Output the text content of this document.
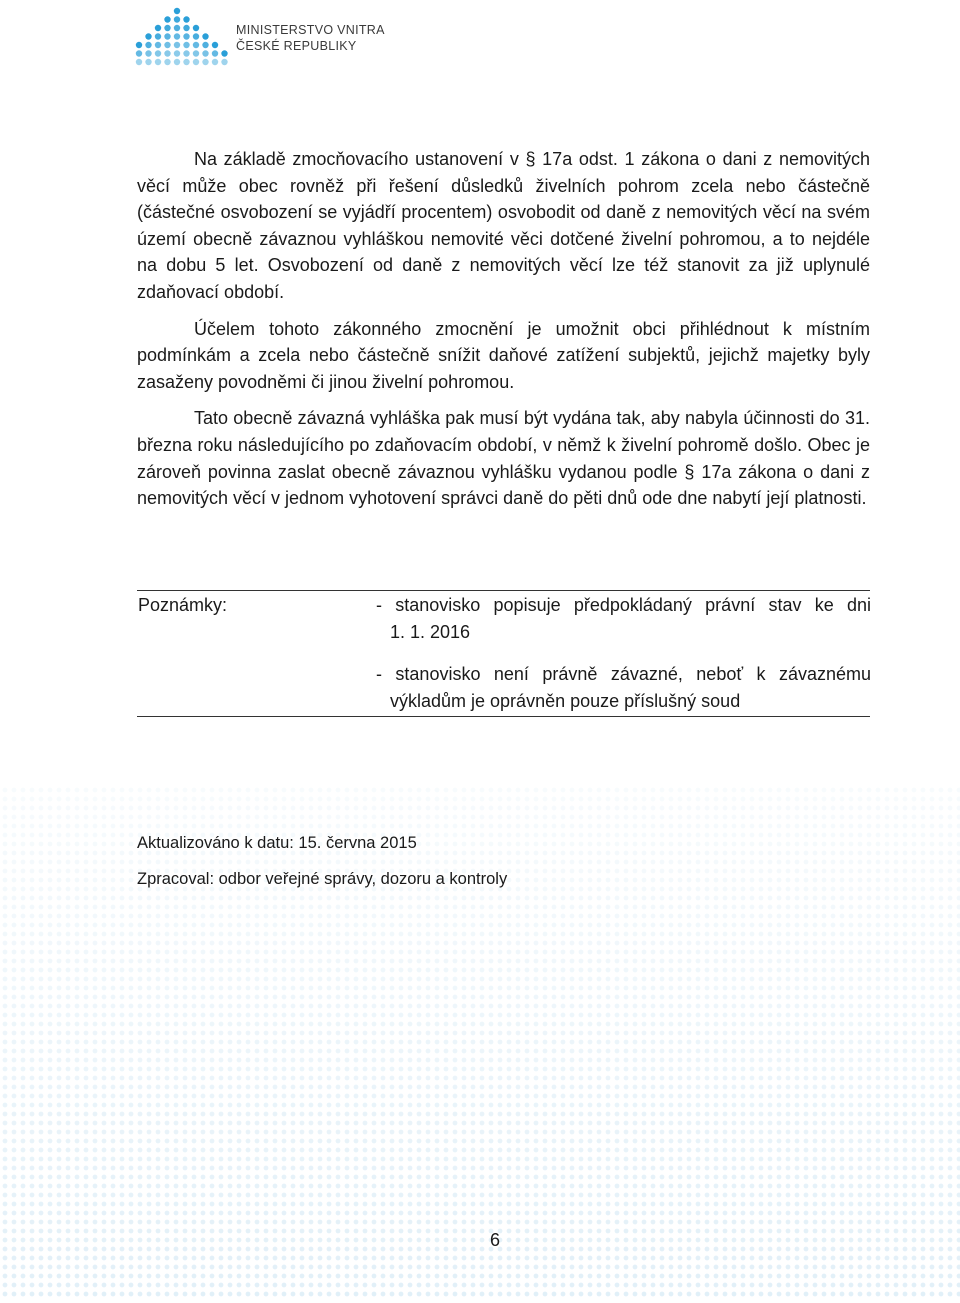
MINISTERSTVO VNITRA
ČESKÉ REPUBLIKY

Na základě zmocňovacího ustanovení v § 17a odst. 1 zákona o dani z nemovitých věcí může obec rovněž při řešení důsledků živelních pohrom zcela nebo částečně (částečné osvobození se vyjádří procentem) osvobodit od daně z nemovitých věcí na svém území obecně závaznou vyhláškou nemovité věci dotčené živelní pohromou, a to nejdéle na dobu 5 let. Osvobození od daně z nemovitých věcí lze též stanovit za již uplynulé zdaňovací období.

Účelem tohoto zákonného zmocnění je umožnit obci přihlédnout k místním podmínkám a zcela nebo částečně snížit daňové zatížení subjektů, jejichž majetky byly zasaženy povodněmi či jinou živelní pohromou.

Tato obecně závazná vyhláška pak musí být vydána tak, aby nabyla účinnosti do 31. března roku následujícího po zdaňovacím období, v němž k živelní pohromě došlo. Obec je zároveň povinna zaslat obecně závaznou vyhlášku vydanou podle § 17a zákona o dani z nemovitých věcí v jednom vyhotovení správci daně do pěti dnů ode dne nabytí její platnosti.

Poznámky:	- stanovisko popisuje předpokládaný právní stav ke dni
1. 1. 2016
- stanovisko není právně závazné, neboť k závaznému
výkladům je oprávněn pouze příslušný soud
Aktualizováno k datu: 15. června 2015
Zpracoval: odbor veřejné správy, dozoru a kontroly
6
